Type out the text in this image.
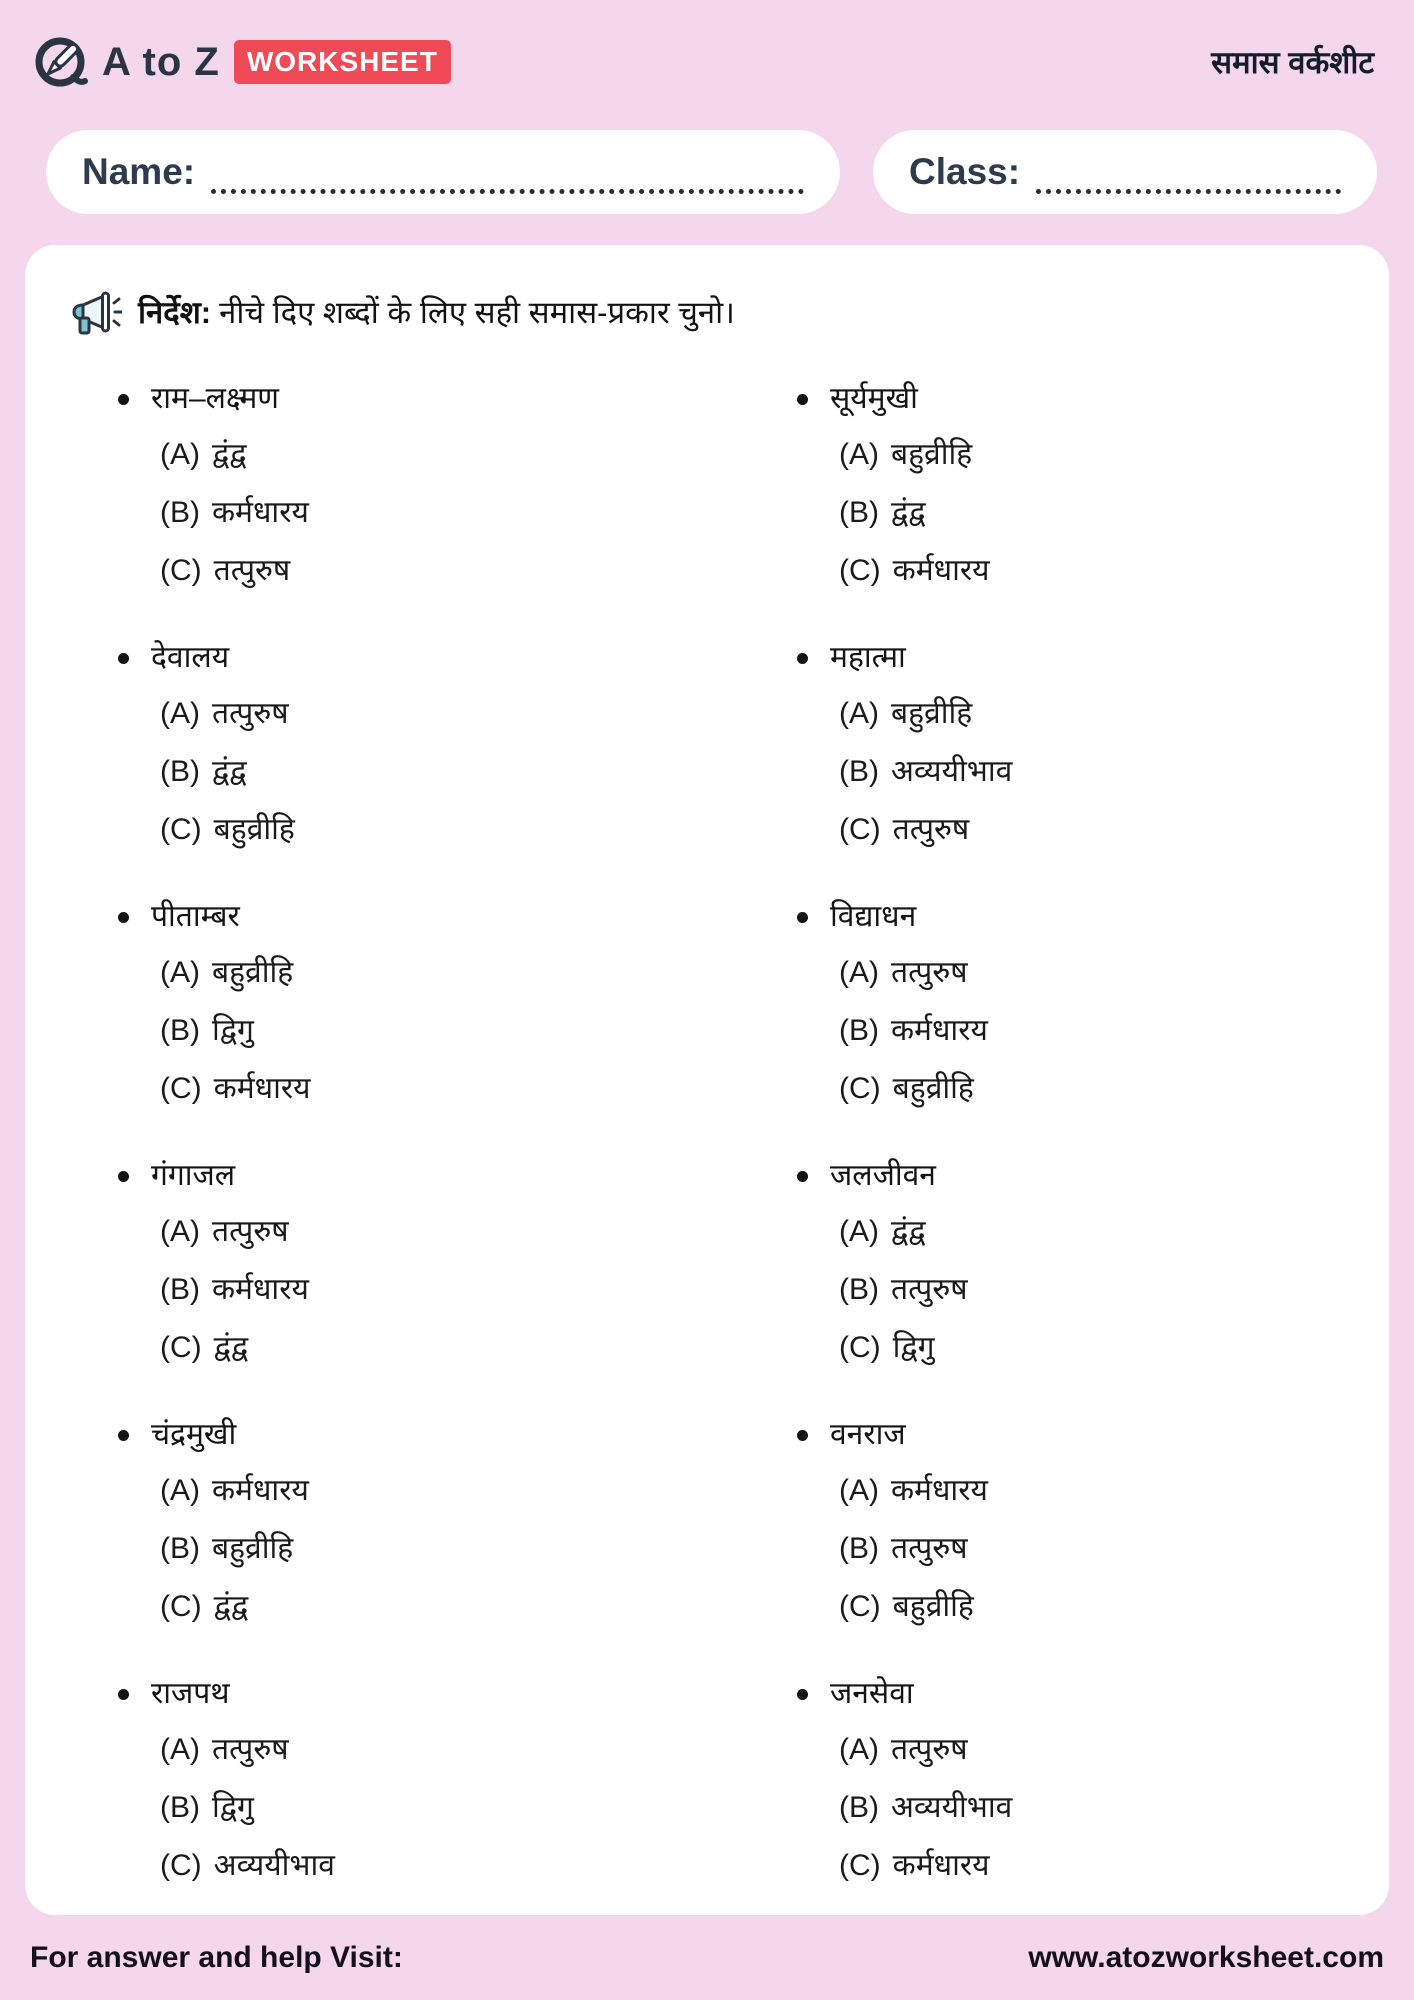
A to Z WORKSHEET	समास वर्कशीट
Name:	Class:

निर्देश: नीचे दिए शब्दों के लिए सही समास-प्रकार चुनो।

राम–लक्ष्मण
(A) द्वंद्व
(B) कर्मधारय
(C) तत्पुरुष
देवालय
(A) तत्पुरुष
(B) द्वंद्व
(C) बहुव्रीहि
पीताम्बर
(A) बहुव्रीहि
(B) द्विगु
(C) कर्मधारय
गंगाजल
(A) तत्पुरुष
(B) कर्मधारय
(C) द्वंद्व
चंद्रमुखी
(A) कर्मधारय
(B) बहुव्रीहि
(C) द्वंद्व
राजपथ
(A) तत्पुरुष
(B) द्विगु
(C) अव्ययीभाव
सूर्यमुखी
(A) बहुव्रीहि
(B) द्वंद्व
(C) कर्मधारय
महात्मा
(A) बहुव्रीहि
(B) अव्ययीभाव
(C) तत्पुरुष
विद्याधन
(A) तत्पुरुष
(B) कर्मधारय
(C) बहुव्रीहि
जलजीवन
(A) द्वंद्व
(B) तत्पुरुष
(C) द्विगु
वनराज
(A) कर्मधारय
(B) तत्पुरुष
(C) बहुव्रीहि
जनसेवा
(A) तत्पुरुष
(B) अव्ययीभाव
(C) कर्मधारय
For answer and help Visit:	www.atozworksheet.com
